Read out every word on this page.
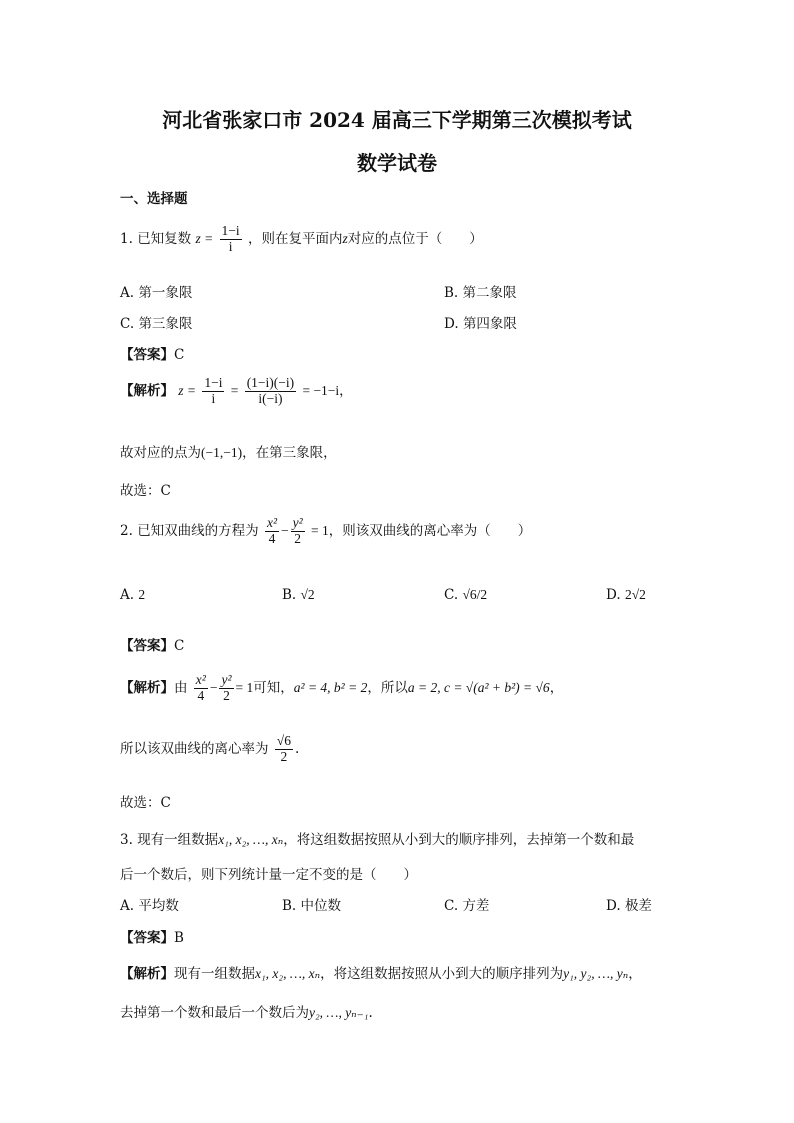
河北省张家口市 2024 届高三下学期第三次模拟考试
数学试卷
一、选择题
1. 已知复数 $z = \frac{1-i}{i}$ ，则在复平面内z对应的点位于（　　）
A. 第一象限	B. 第二象限
C. 第三象限	D. 第四象限
【答案】C
【解析】 $z = \frac{1-i}{i} = \frac{(1-i)(-i)}{i(-i)} = -1-i$，
故对应的点为(−1,−1)，在第三象限，
故选：C
2. 已知双曲线的方程为 $\frac{\text{x²}}{4} - \frac{\text{y²}}{2} = 1$，则该双曲线的离心率为（　　）
A. 2	B. √2	C. √6/2	D. 2√2
【答案】C
【解析】由 $\frac{\text{x²}}{4} - \frac{\text{y²}}{2} = 1$可知，a² = 4, b² = 2，所以a = 2, c = √(a² + b²) = √6，
所以该双曲线的离心率为 $\frac{√6}{2}$ .
故选：C
3. 现有一组数据x₁, x₂, …, xₙ，将这组数据按照从小到大的顺序排列，去掉第一个数和最
后一个数后，则下列统计量一定不变的是（　　）
A. 平均数	B. 中位数	C. 方差	D. 极差
【答案】B
【解析】现有一组数据x₁, x₂, …, xₙ，将这组数据按照从小到大的顺序排列为y₁, y₂, …, yₙ，
去掉第一个数和最后一个数后为y₂, …, yₙ₋₁.
